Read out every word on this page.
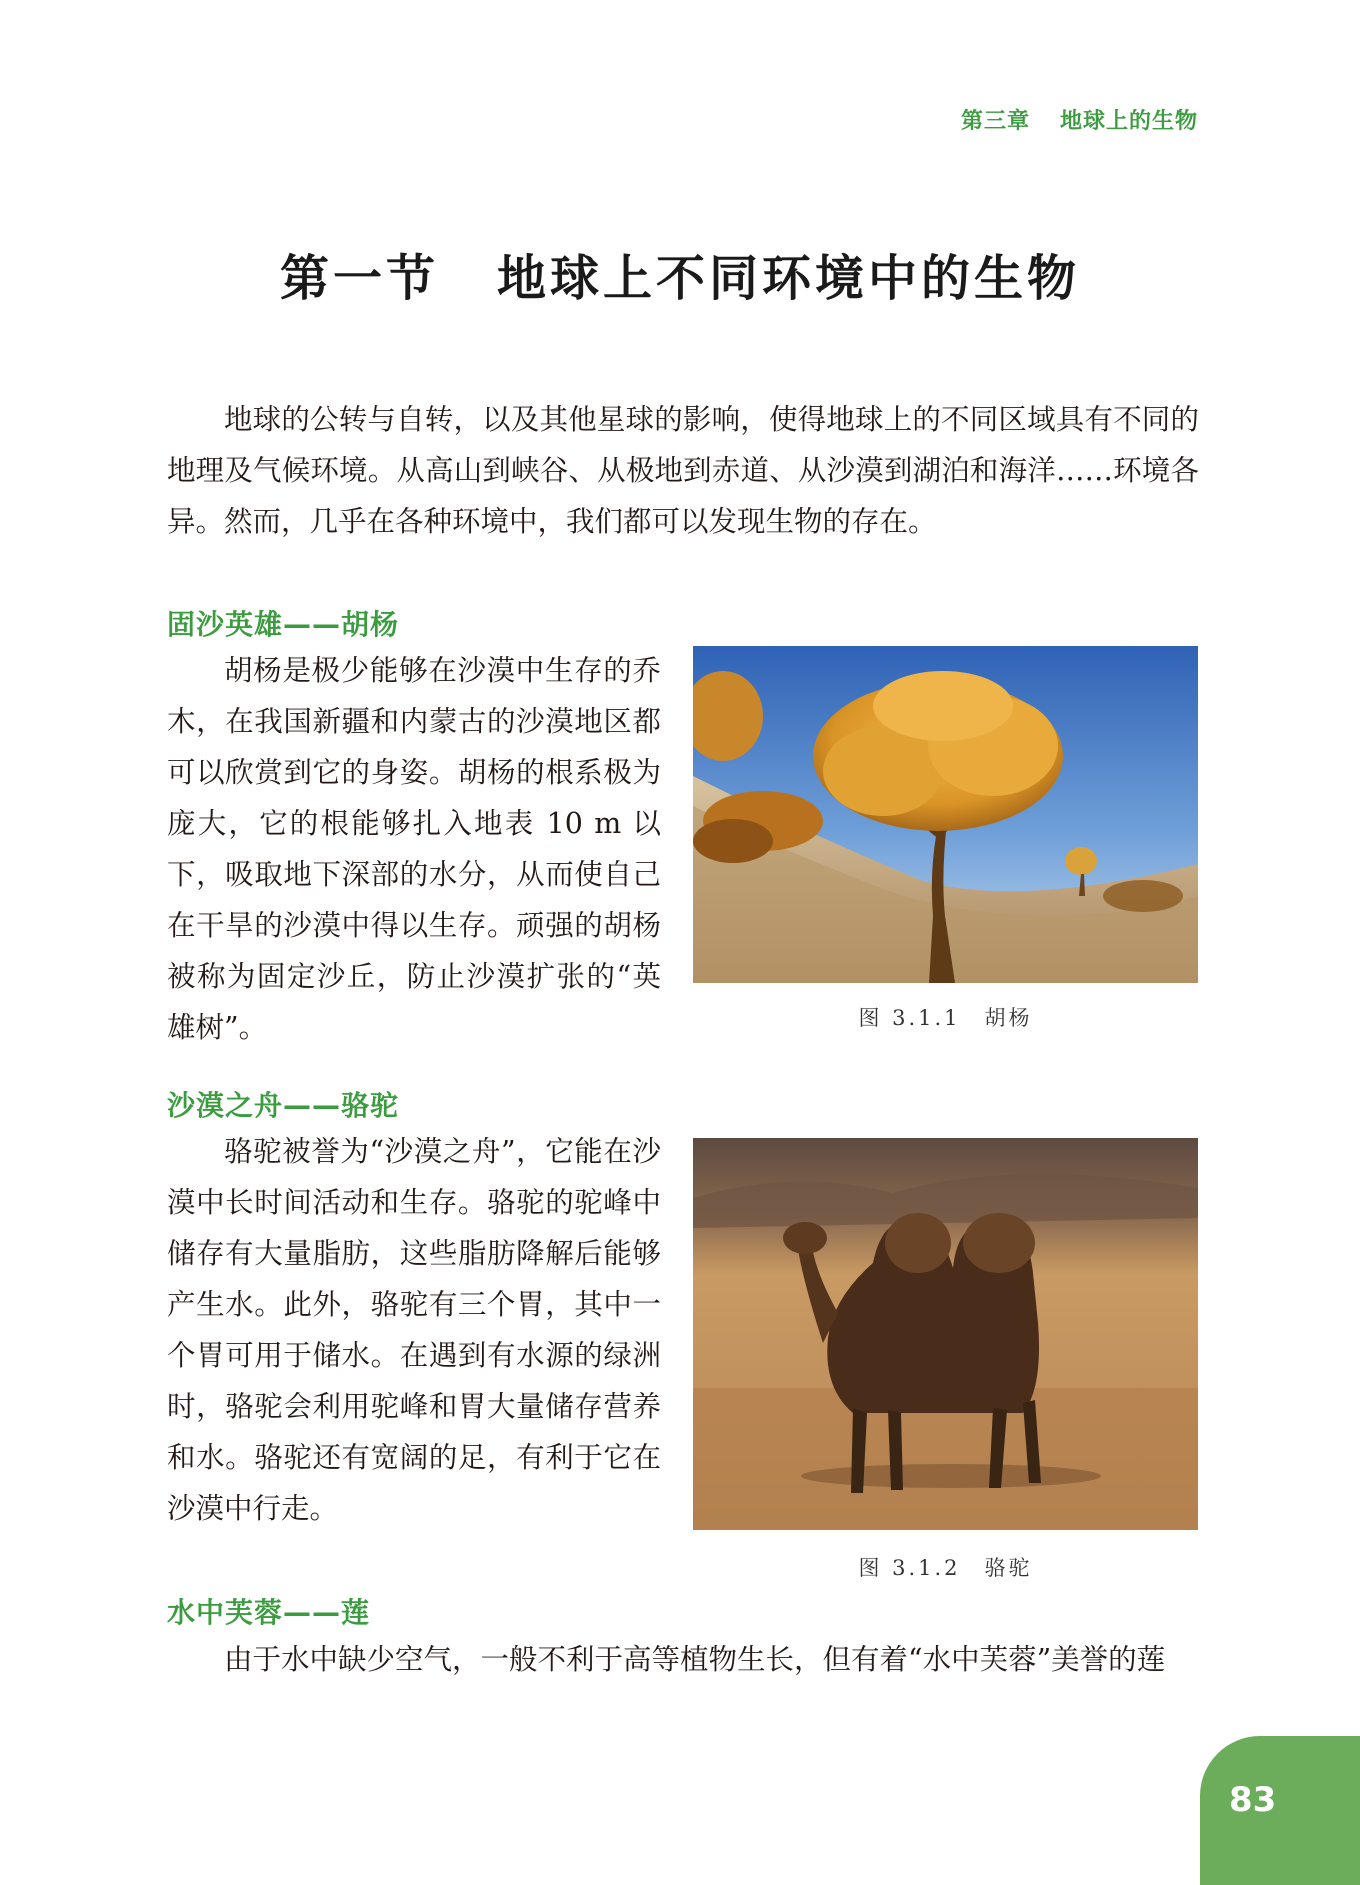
第三章 地球上的生物
第一节 地球上不同环境中的生物

地球的公转与自转，以及其他星球的影响，使得地球上的不同区域具有不同的地理及气候环境。从高山到峡谷、从极地到赤道、从沙漠到湖泊和海洋……环境各异。然而，几乎在各种环境中，我们都可以发现生物的存在。

固沙英雄——胡杨

胡杨是极少能够在沙漠中生存的乔木，在我国新疆和内蒙古的沙漠地区都可以欣赏到它的身姿。胡杨的根系极为庞大，它的根能够扎入地表 10 m 以下，吸取地下深部的水分，从而使自己在干旱的沙漠中得以生存。顽强的胡杨被称为固定沙丘，防止沙漠扩张的“英雄树”。	图 3.1.1 胡杨
沙漠之舟——骆驼

骆驼被誉为“沙漠之舟”，它能在沙漠中长时间活动和生存。骆驼的驼峰中储存有大量脂肪，这些脂肪降解后能够产生水。此外，骆驼有三个胃，其中一个胃可用于储水。在遇到有水源的绿洲时，骆驼会利用驼峰和胃大量储存营养和水。骆驼还有宽阔的足，有利于它在沙漠中行走。

图 3.1.2 骆驼
水中芙蓉——莲

由于水中缺少空气，一般不利于高等植物生长，但有着“水中芙蓉”美誉的莲

83
